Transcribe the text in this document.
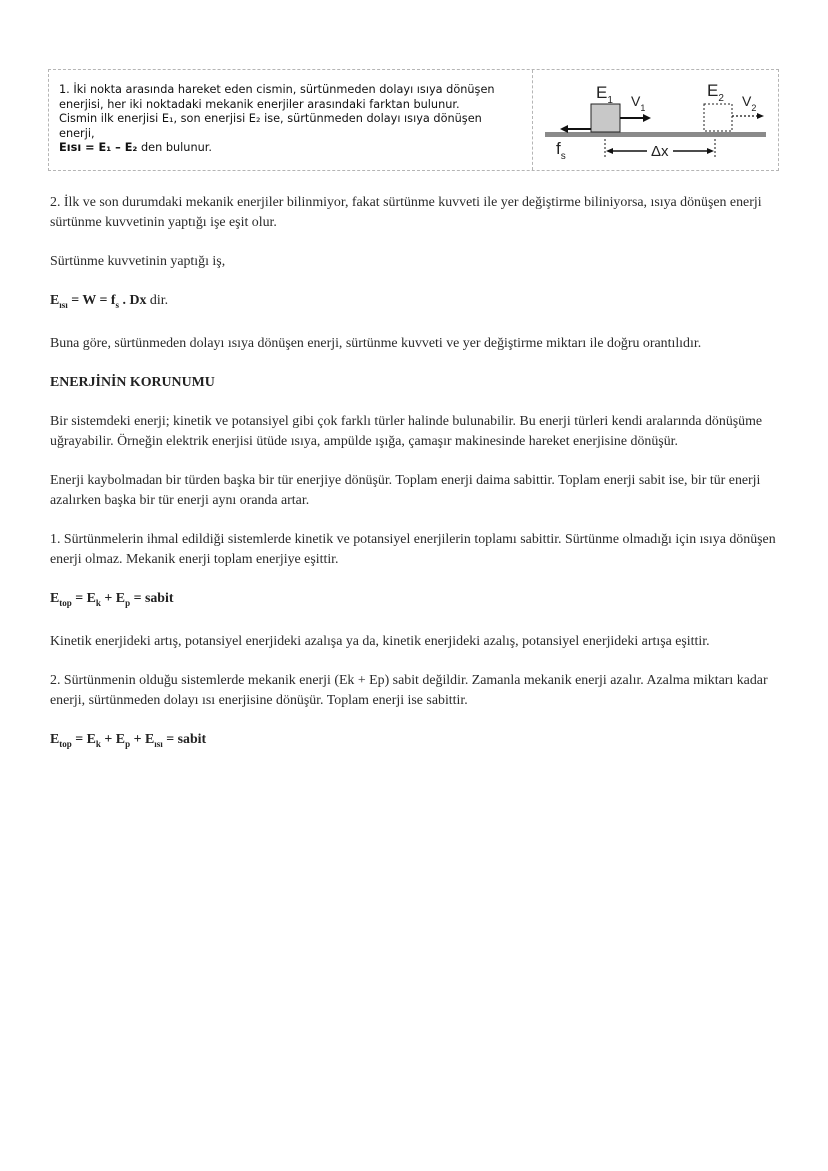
1. İki nokta arasında hareket eden cismin, sürtünmeden dolayı ısıya dönüşen

enerjisi, her iki noktadaki mekanik enerjiler arasındaki farktan bulunur.

Cismin ilk enerjisi E₁, son enerjisi E₂ ise, sürtünmeden dolayı ısıya dönüşen

enerji,

Eısı = E₁ – E₂ den bulunur.

$E_1$ $V_1$
$E_2$ $V_2$
$f_s$	Δx

2. İlk ve son durumdaki mekanik enerjiler bilinmiyor, fakat sürtünme kuvveti ile yer değiştirme biliniyorsa, ısıya dönüşen enerji sürtünme kuvvetinin yaptığı işe eşit olur.

Sürtünme kuvvetinin yaptığı iş,

$E_{ısı} = W = f_s$ . Dx dir.

Buna göre, sürtünmeden dolayı ısıya dönüşen enerji, sürtünme kuvveti ve yer değiştirme miktarı ile doğru orantılıdır.

ENERJİNİN KORUNUMU

Bir sistemdeki enerji; kinetik ve potansiyel gibi çok farklı türler halinde bulunabilir. Bu enerji türleri kendi aralarında dönüşüme uğrayabilir. Örneğin elektrik enerjisi ütüde ısıya, ampülde ışığa, çamaşır makinesinde hareket enerjisine dönüşür.

Enerji kaybolmadan bir türden başka bir tür enerjiye dönüşür. Toplam enerji daima sabittir. Toplam enerji sabit ise, bir tür enerji azalırken başka bir tür enerji aynı oranda artar.

1. Sürtünmelerin ihmal edildiği sistemlerde kinetik ve potansiyel enerjilerin toplamı sabittir. Sürtünme olmadığı için ısıya dönüşen enerji olmaz. Mekanik enerji toplam enerjiye eşittir.

$E_{top} = E_k + E_p$ = sabit

Kinetik enerjideki artış, potansiyel enerjideki azalışa ya da, kinetik enerjideki azalış, potansiyel enerjideki artışa eşittir.

2. Sürtünmenin olduğu sistemlerde mekanik enerji (Ek + Ep) sabit değildir. Zamanla mekanik enerji azalır. Azalma miktarı kadar enerji, sürtünmeden dolayı ısı enerjisine dönüşür. Toplam enerji ise sabittir.

$E_{top} = E_k + E_p + E_{ısı}$ = sabit
